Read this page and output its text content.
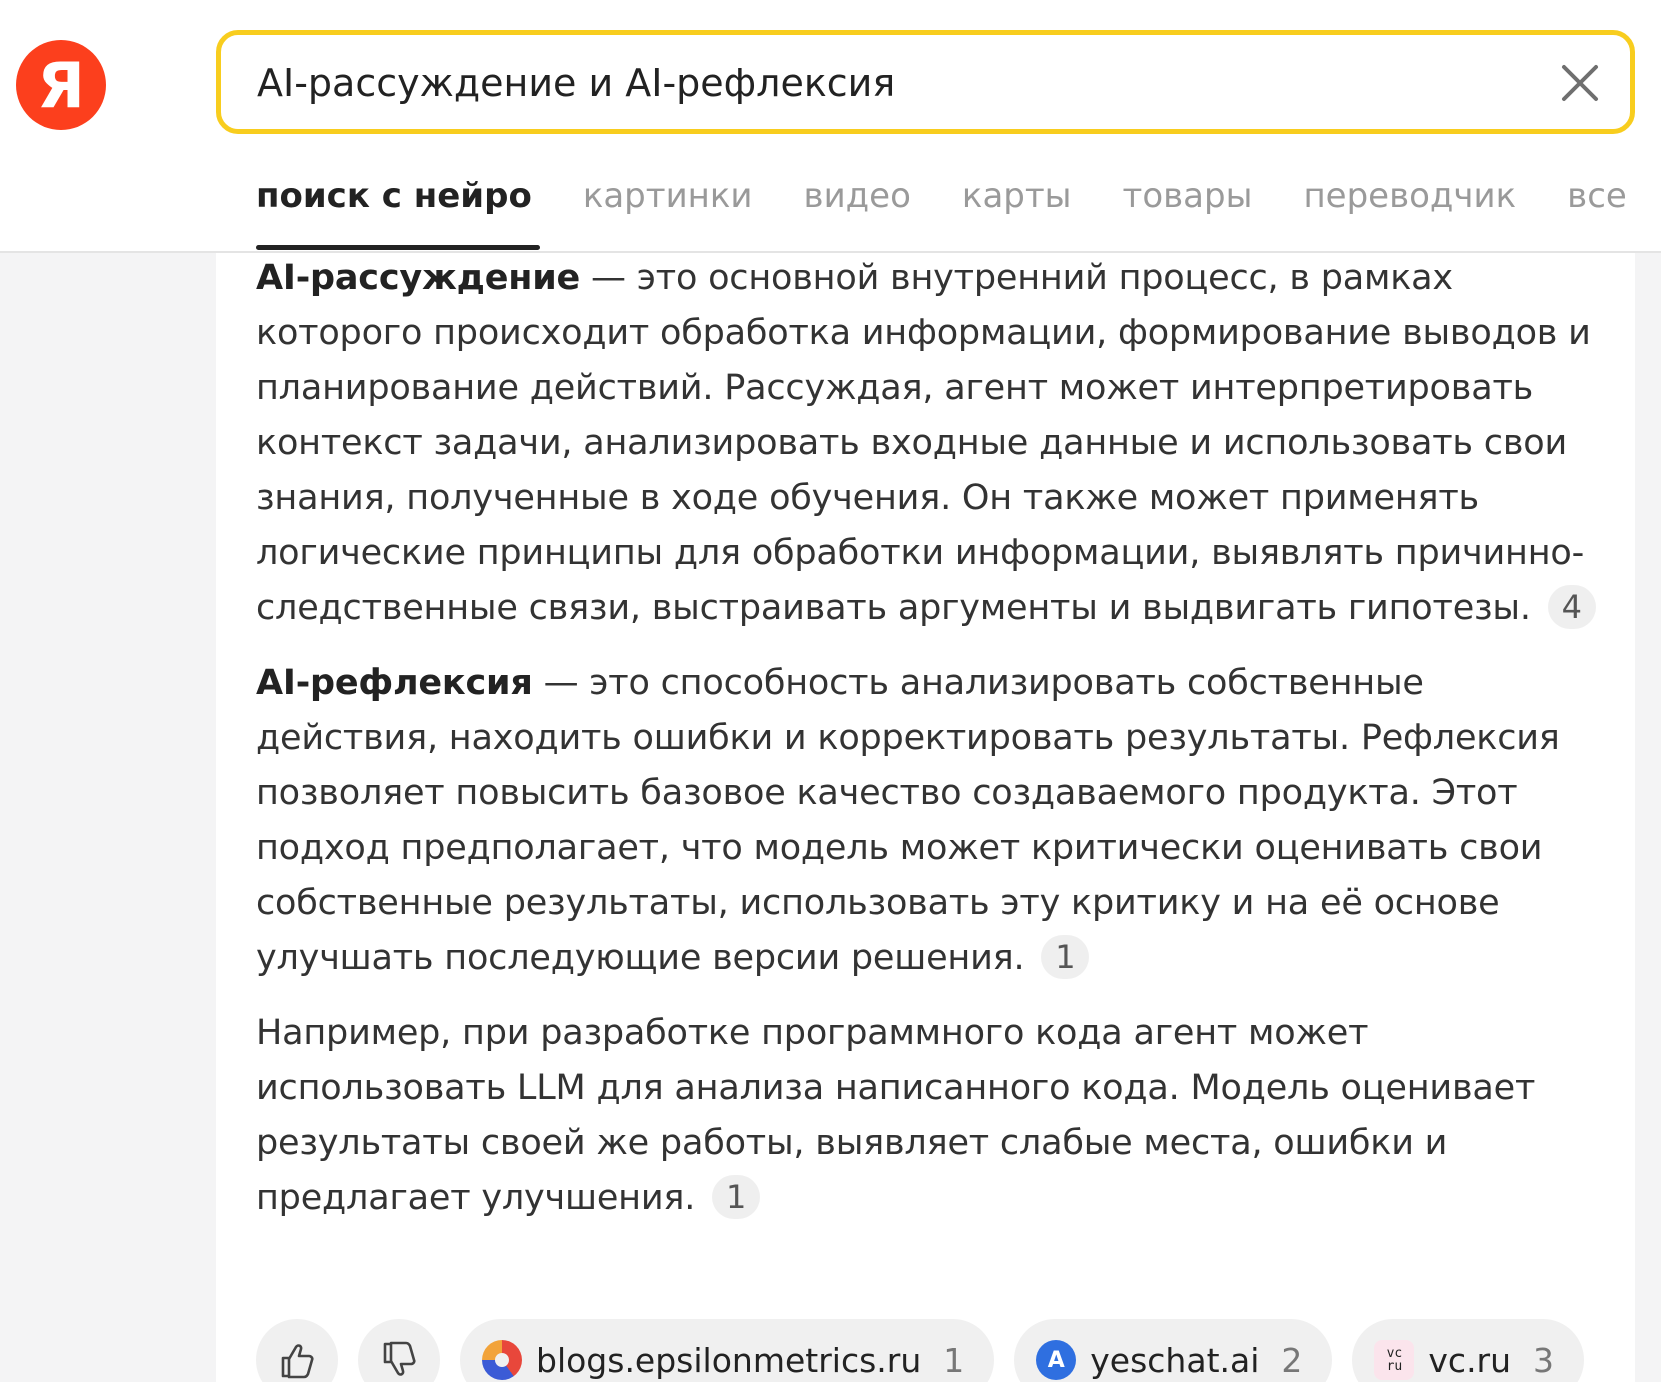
Я
AI-рассуждение и AI-рефлексия
поиск с нейро картинки видео карты товары переводчик все

AI-рассуждение — это основной внутренний процесс, в рамках которого происходит обработка информации, формирование выводов и планирование действий. Рассуждая, агент может интерпретировать контекст задачи, анализировать входные данные и использовать свои знания, полученные в ходе обучения. Он также может применять логические принципы для обработки информации, выявлять причинно-следственные связи, выстраивать аргументы и выдвигать гипотезы. 4

AI-рефлексия — это способность анализировать собственные действия, находить ошибки и корректировать результаты. Рефлексия позволяет повысить базовое качество создаваемого продукта. Этот подход предполагает, что модель может критически оценивать свои собственные результаты, использовать эту критику и на её основе улучшать последующие версии решения. 1

Например, при разработке программного кода агент может использовать LLM для анализа написанного кода. Модель оценивает результаты своей же работы, выявляет слабые места, ошибки и предлагает улучшения. 1

blogs.epsilonmetrics.ru 1	A yeschat.ai 2	vc
ru vc.ru 3
